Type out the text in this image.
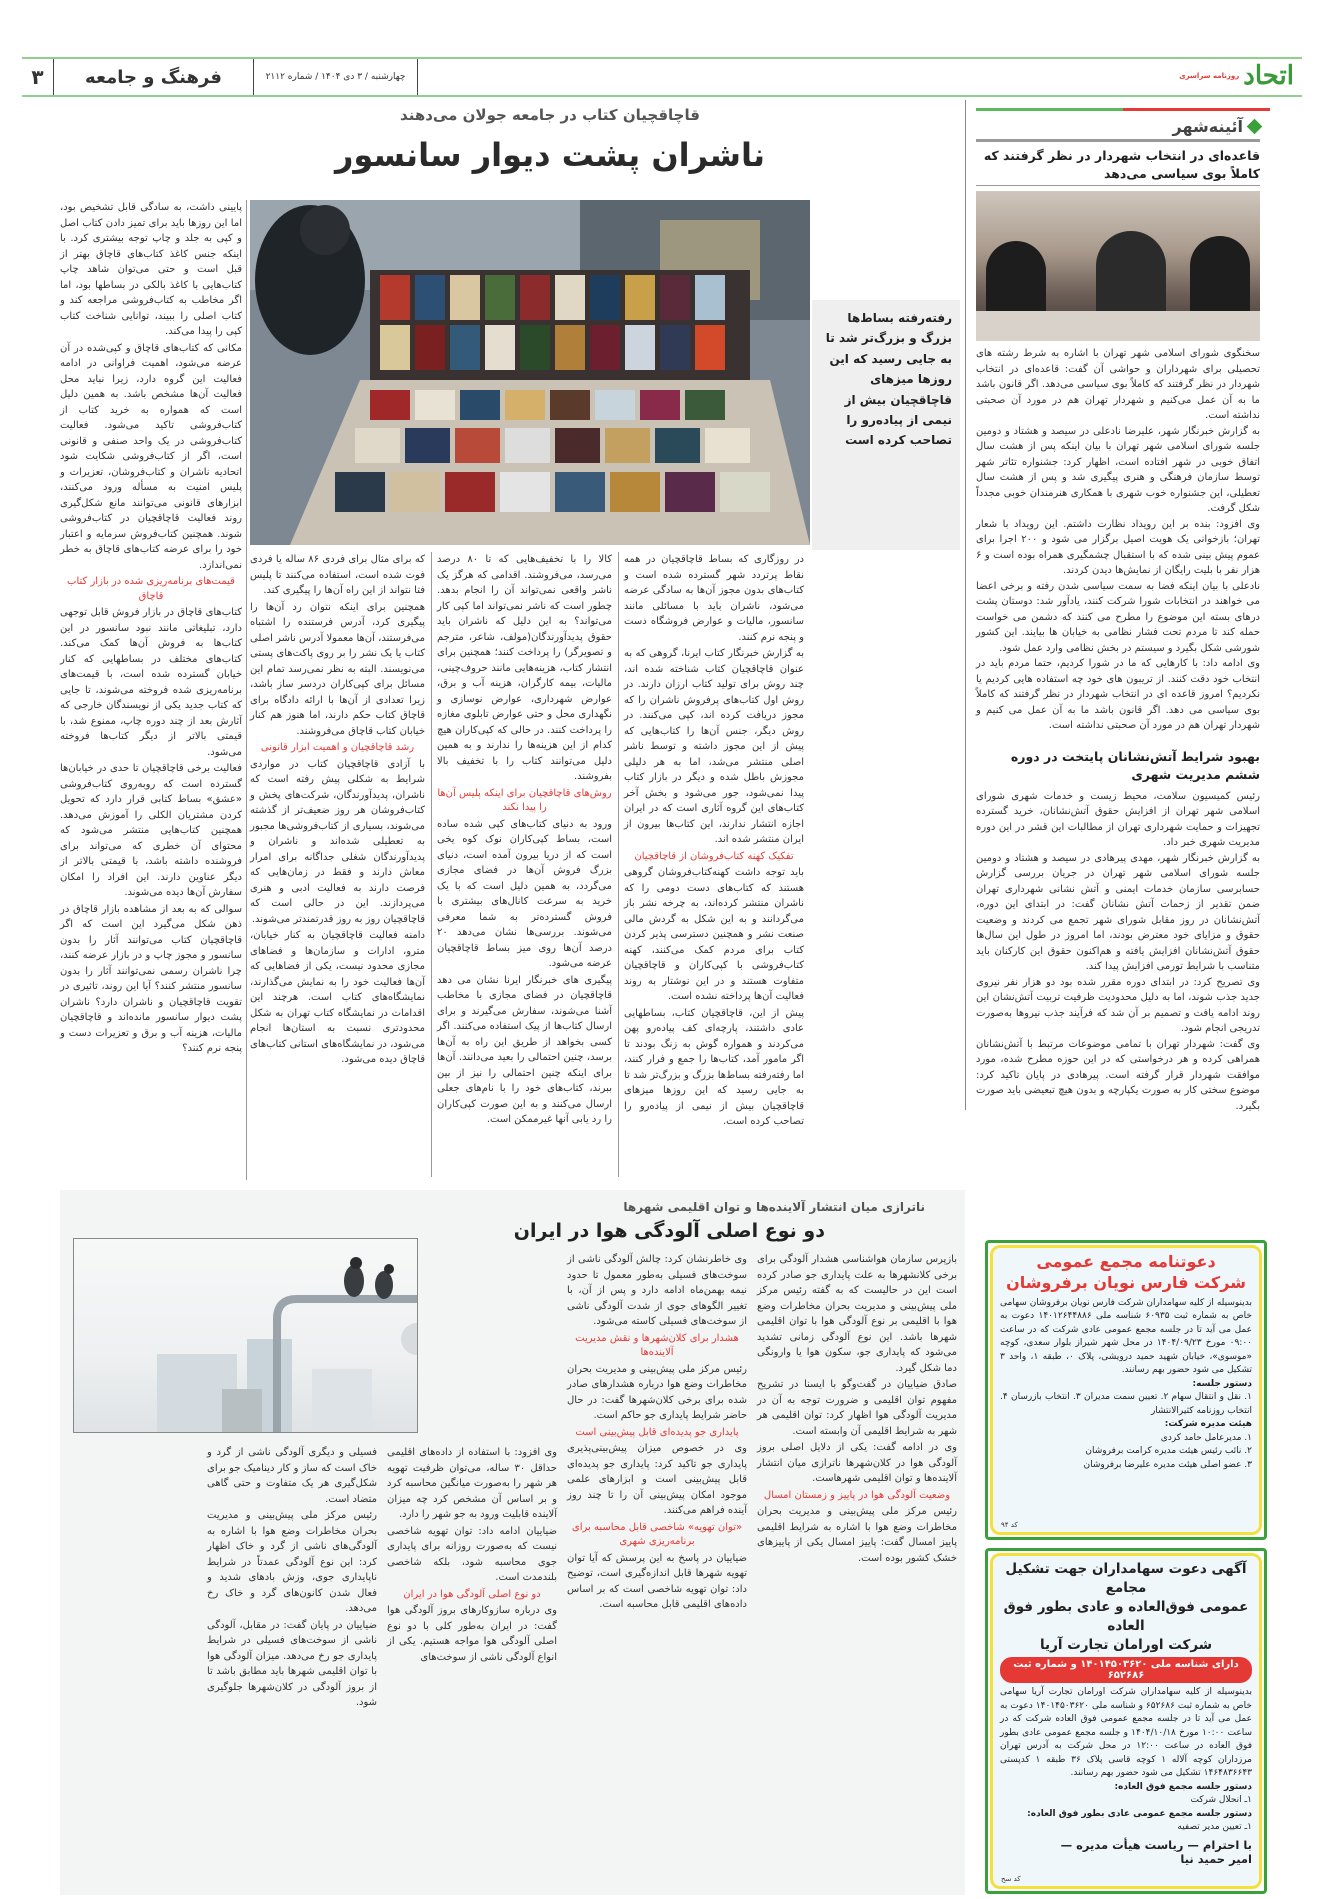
اتحاد
روزنامه سراسری
۳ فرهنگ و جامعه	چهارشنبه / ۳ دی ۱۴۰۴ / شماره ۲۱۱۲
قاچاقچیان کتاب در جامعه جولان می‌دهند
ناشران پشت دیوار سانسور
رفته‌رفته بساط‌ها بزرگ و بزرگ‌تر شد تا به جایی رسید که این روزها میزهای قاچاقچیان بیش از نیمی از پیاده‌رو را تصاحب کرده است

که برای مثال برای فردی ۸۶ ساله یا فردی فوت شده است، استفاده می‌کنند تا پلیس فتا نتواند از این راه آن‌ها را پیگیری کند.

همچنین برای اینکه نتوان رد آن‌ها را پیگیری کرد، آدرس فرستنده را اشتباه می‌فرستند، آن‌ها معمولا آدرس ناشر اصلی کتاب یا یک نشر را بر روی پاکت‌های پستی می‌نویسند. البته به نظر نمی‌رسد تمام این مسائل برای کپی‌کاران دردسر ساز باشد، زیرا تعدادی از آن‌ها با ارائه دادگاه برای قاچاق کتاب حکم دارند، اما هنوز هم کنار خیابان کتاب قاچاق می‌فروشند.

رشد قاچاقچیان و اهمیت ابزار قانونی

با آزادی قاچاقچیان کتاب در مواردی شرایط به شکلی پیش رفته است که ناشران، پدیدآورندگان، شرکت‌های پخش و کتاب‌فروشان هر روز ضعیف‌تر از گذشته می‌شوند، بسیاری از کتاب‌فروشی‌ها مجبور به تعطیلی شده‌اند و ناشران و پدیدآورندگان شغلی جداگانه برای امرار معاش دارند و فقط در زمان‌هایی که فرصت دارند به فعالیت ادبی و هنری می‌پردازند. این در حالی است که قاچاقچیان روز به روز قدرتمندتر می‌شوند.

دامنه فعالیت قاچاقچیان به کنار خیابان، مترو، ادارات و سازمان‌ها و فضاهای مجازی محدود نیست، یکی از فضاهایی که آن‌ها فعالیت خود را به نمایش می‌گذارند، نمایشگاه‌های کتاب است. هرچند این اقدامات در نمایشگاه کتاب تهران به شکل محدودتری نسبت به استان‌ها انجام می‌شود، در نمایشگاه‌های استانی کتاب‌های قاچاق دیده می‌شود.

کالا را با تخفیف‌هایی که تا ۸۰ درصد می‌رسد، می‌فروشند. اقدامی که هرگز یک ناشر واقعی نمی‌تواند آن را انجام بدهد. چطور است که ناشر نمی‌تواند اما کپی کار می‌تواند؟ به این دلیل که ناشران باید حقوق پدیدآورندگان(مولف، شاعر، مترجم و تصویرگر) را پرداخت کنند؛ همچنین برای انتشار کتاب، هزینه‌هایی مانند حروف‌چینی، مالیات، بیمه کارگران، هزینه آب و برق، عوارض شهرداری، عوارض نوسازی و نگهداری محل و حتی عوارض تابلوی مغازه را پرداخت کنند. در حالی که کپی‌کاران هیچ کدام از این هزینه‌ها را ندارند و به همین دلیل می‌توانند کتاب را با تخفیف بالا بفروشند.

روش‌های قاچاقچیان برای اینکه پلیس آن‌ها را پیدا نکند

ورود به دنیای کتاب‌های کپی شده ساده است، بساط کپی‌کاران نوک کوه یخی است که از دریا بیرون آمده است، دنیای بزرگ فروش آن‌ها در فضای مجازی می‌گردد، به همین دلیل است که با یک خرید به سرعت کانال‌های بیشتری با فروش گسترده‌تر به شما معرفی می‌شوند. بررسی‌ها نشان می‌دهد ۲۰ درصد آن‌ها روی میز بساط قاچاقچیان عرضه می‌شود.

پیگیری های خبرنگار ایرنا نشان می دهد قاچاقچیان در فضای مجازی با مخاطب آشنا می‌شوند، سفارش می‌گیرند و برای ارسال کتاب‌ها از پیک استفاده می‌کنند. اگر کسی بخواهد از طریق این راه به آن‌ها برسد، چنین احتمالی را بعید می‌دانند. آن‌ها برای اینکه چنین احتمالی را نیز از بین ببرند، کتاب‌های خود را با نام‌های جعلی ارسال می‌کنند و به این صورت کپی‌کاران را رد یابی آنها غیرممکن است.

در روزگاری که بساط قاچاقچیان در همه نقاط پرتردد شهر گسترده شده است و کتاب‌های بدون مجوز آن‌ها به سادگی عرضه می‌شود، ناشران باید با مسائلی مانند سانسور، مالیات و عوارض فروشگاه دست و پنجه نرم کنند.

به گزارش خبرنگار کتاب ایرنا، گروهی که به عنوان قاچاقچیان کتاب شناخته شده اند، چند روش برای تولید کتاب ارزان دارند. در روش اول کتاب‌های پرفروش ناشران را که مجوز دریافت کرده اند، کپی می‌کنند. در روش دیگر، جنس آن‌ها را کتاب‌هایی که پیش از این مجوز داشته و توسط ناشر اصلی منتشر می‌شد، اما به هر دلیلی مجوزش باطل شده و دیگر در بازار کتاب پیدا نمی‌شود، جور می‌شود و بخش آخر کتاب‌های این گروه آثاری است که در ایران اجازه انتشار ندارند، این کتاب‌ها بیرون از ایران منتشر شده اند.

تفکیک کهنه کتاب‌فروشان از قاچاقچیان

باید توجه داشت کهنه‌کتاب‌فروشان گروهی هستند که کتاب‌های دست دومی را که ناشران منتشر کرده‌اند، به چرخه نشر باز می‌گردانند و به این شکل به گردش مالی صنعت نشر و همچنین دسترسی پذیر کردن کتاب برای مردم کمک می‌کنند، کهنه کتاب‌فروشی با کپی‌کاران و قاچاقچیان متفاوت هستند و در این نوشتار به روند فعالیت آن‌ها پرداخته نشده است.

پیش از این، قاچاقچیان کتاب، بساطهایی عادی داشتند، پارچه‌ای کف پیاده‌رو پهن می‌کردند و همواره گوش به زنگ بودند تا اگر مامور آمد، کتاب‌ها را جمع و فرار کنند، اما رفته‌رفته بساط‌ها بزرگ و بزرگ‌تر شد تا به جایی رسید که این روزها میزهای قاچاقچیان بیش از نیمی از پیاده‌رو را تصاحب کرده است.

پایینی داشت، به سادگی قابل تشخیص بود، اما این روزها باید برای تمیز دادن کتاب اصل و کپی به جلد و چاپ توجه بیشتری کرد. با اینکه جنس کاغذ کتاب‌های قاچاق بهتر از قبل است و حتی می‌توان شاهد چاپ کتاب‌هایی با کاغذ بالکی در بساطها بود، اما اگر مخاطب به کتاب‌فروشی مراجعه کند و کتاب اصلی را ببیند، توانایی شناخت کتاب کپی را پیدا می‌کند.

مکانی که کتاب‌های قاچاق و کپی‌شده در آن عرضه می‌شود، اهمیت فراوانی در ادامه فعالیت این گروه دارد، زیرا نباید محل فعالیت آن‌ها مشخص باشد. به همین دلیل است که همواره به خرید کتاب از کتاب‌فروشی تاکید می‌شود. فعالیت کتاب‌فروشی در یک واحد صنفی و قانونی است، اگر از کتاب‌فروشی شکایت شود اتحادیه ناشران و کتاب‌فروشان، تعزیرات و پلیس امنیت به مسأله ورود می‌کنند، ابزارهای قانونی می‌توانند مانع شکل‌گیری روند فعالیت قاچاقچیان در کتاب‌فروشی شوند. همچنین کتاب‌فروش سرمایه و اعتبار خود را برای عرضه کتاب‌های قاچاق به خطر نمی‌اندازد.

قیمت‌های برنامه‌ریزی شده در بازار کتاب قاچاق

کتاب‌های قاچاق در بازار فروش قابل توجهی دارد، تبلیغاتی مانند نبود سانسور در این کتاب‌ها به فروش آن‌ها کمک می‌کند. کتاب‌های مختلف در بساطهایی که کنار خیابان گسترده شده است، با قیمت‌های برنامه‌ریزی شده فروخته می‌شوند، تا جایی که کتاب جدید یکی از نویسندگان خارجی که آثارش بعد از چند دوره چاپ، ممنوع شد، با قیمتی بالاتر از دیگر کتاب‌ها فروخته می‌شود.

فعالیت برخی قاچاقچیان تا حدی در خیابان‌ها گسترده است که رو‌به‌روی کتاب‌فروشی «عشق» بساط کتابی قرار دارد که تحویل کردن مشتریان الکلی را آموزش می‌دهد. همچنین کتاب‌هایی منتشر می‌شود که محتوای آن خطری که می‌تواند برای فروشنده داشته باشد، با قیمتی بالاتر از دیگر عناوین دارند. این افراد را امکان سفارش آن‌ها دیده می‌شوند.

سوالی که به بعد از مشاهده بازار قاچاق در ذهن شکل می‌گیرد این است که اگر قاچاقچیان کتاب می‌توانند آثار را بدون سانسور و مجوز چاپ و در بازار عرضه کنند، چرا ناشران رسمی نمی‌توانند آثار را بدون سانسور منتشر کنند؟ آیا این روند، تاثیری در تقویت قاچاقچیان و ناشران دارد؟ ناشران پشت دیوار سانسور مانده‌اند و قاچاقچیان مالیات، هزینه آب و برق و تعزیرات دست و پنجه نرم کنند؟

آئینه‌شهر
قاعده‌ای در انتخاب شهردار در نظر گرفتند که کاملاً بوی سیاسی می‌دهد

سخنگوی شورای اسلامی شهر تهران با اشاره به شرط رشته های تحصیلی برای شهرداران و حواشی آن گفت: قاعده‌ای در انتخاب شهردار در نظر گرفتند که کاملاً بوی سیاسی می‌دهد. اگر قانون باشد ما به آن عمل می‌کنیم و شهردار تهران هم در مورد آن صحبتی نداشته است.

به گزارش خبرنگار شهر، علیرضا نادعلی در سیصد و هشتاد و دومین جلسه شورای اسلامی شهر تهران با بیان اینکه پس از هشت سال اتفاق خوبی در شهر افتاده است، اظهار کرد: جشنواره تئاتر شهر توسط سازمان فرهنگی و هنری پیگیری شد و پس از هشت سال تعطیلی، این جشنواره خوب شهری با همکاری هنرمندان خوبی مجدداً شکل گرفت.

وی افزود: بنده بر این رویداد نظارت داشتم. این رویداد با شعار تهران؛ بازخوانی یک هویت اصیل برگزار می شود و ۲۰۰ اجرا برای عموم پیش بینی شده که با استقبال چشمگیری همراه بوده است و ۶ هزار نفر با بلیت رایگان از نمایش‌ها دیدن کردند.

نادعلی با بیان اینکه فضا به سمت سیاسی شدن رفته و برخی اعضا می خواهند در انتخابات شورا شرکت کنند، یادآور شد: دوستان پشت درهای بسته این موضوع را مطرح می کنند که دشمن می خواست حمله کند تا مردم تحت فشار نظامی به خیابان ها بیایند. این کشور شورشی شکل بگیرد و سیستم در بخش نظامی وارد عمل شود.

وی ادامه داد: با کارهایی که ما در شورا کردیم، حتما مردم باید در انتخاب خود دقت کنند. از تریبون های خود چه استفاده هایی کردیم یا نکردیم؟ امروز قاعده ای در انتخاب شهردار در نظر گرفتند که کاملاً بوی سیاسی می دهد. اگر قانون باشد ما به آن عمل می کنیم و شهردار تهران هم در مورد آن صحبتی نداشته است.

بهبود شرایط آتش‌نشانان پایتخت در دوره ششم مدیریت شهری

رئیس کمیسیون سلامت، محیط زیست و خدمات شهری شورای اسلامی شهر تهران از افزایش حقوق آتش‌نشانان، خرید گسترده تجهیزات و حمایت شهرداری تهران از مطالبات این قشر در این دوره مدیریت شهری خبر داد.

به گزارش خبرنگار شهر، مهدی پیرهادی در سیصد و هشتاد و دومین جلسه شورای اسلامی شهر تهران در جریان بررسی گزارش حسابرسی سازمان خدمات ایمنی و آتش نشانی شهرداری تهران ضمن تقدیر از زحمات آتش نشانان گفت: در ابتدای این دوره، آتش‌نشانان در روز مقابل شورای شهر تجمع می کردند و وضعیت حقوق و مزایای خود معترض بودند، اما امروز در طول این سال‌ها حقوق آتش‌نشانان افزایش یافته و هم‌اکنون حقوق این کارکنان باید متناسب با شرایط تورمی افزایش پیدا کند.

وی تصریح کرد: در ابتدای دوره مقرر شده بود دو هزار نفر نیروی جدید جذب شوند، اما به دلیل محدودیت ظرفیت تربیت آتش‌نشان این روند ادامه یافت و تصمیم بر آن شد که فرآیند جذب نیروها به‌صورت تدریجی انجام شود.

وی گفت: شهردار تهران با تمامی موضوعات مرتبط با آتش‌نشانان همراهی کرده و هر درخواستی که در این حوزه مطرح شده، مورد موافقت شهردار قرار گرفته است. پیرهادی در پایان تاکید کرد: موضوع سختی کار به صورت یکپارچه و بدون هیچ تبعیضی باید صورت بگیرد.

ناترازی میان انتشار آلاینده‌ها و توان اقلیمی شهرها
دو نوع اصلی آلودگی هوا در ایران

بازپرس سازمان هواشناسی هشدار آلودگی برای برخی کلانشهرها به علت پایداری جو صادر کرده است این در حالیست که به گفته رئیس مرکز ملی پیش‌بینی و مدیریت بحران مخاطرات وضع هوا با اقلیمی بر نوع آلودگی هوا با توان اقلیمی شهرها باشد. این نوع آلودگی زمانی تشدید می‌شود که پایداری جو، سکون هوا یا وارونگی دما شکل گیرد.

صادق ضیاییان در گفت‌وگو با ایسنا در تشریح مفهوم توان اقلیمی و ضرورت توجه به آن در مدیریت آلودگی هوا اظهار کرد: توان اقلیمی هر شهر به شرایط اقلیمی آن وابسته است.

وی در ادامه گفت: یکی از دلایل اصلی بروز آلودگی هوا در کلان‌شهرها ناترازی میان انتشار آلاینده‌ها و توان اقلیمی شهرهاست.

وضعیت آلودگی هوا در پاییز و زمستان امسال

رئیس مرکز ملی پیش‌بینی و مدیریت بحران مخاطرات وضع هوا با اشاره به شرایط اقلیمی پاییز امسال گفت: پاییز امسال یکی از پاییزهای خشک کشور بوده است.

وی خاطرنشان کرد: چالش آلودگی ناشی از سوخت‌های فسیلی به‌طور معمول تا حدود نیمه بهمن‌ماه ادامه دارد و پس از آن، با تغییر الگوهای جوی از شدت آلودگی ناشی از سوخت‌های فسیلی کاسته می‌شود.

هشدار برای کلان‌شهرها و نقش مدیریت آلاینده‌ها

رئیس مرکز ملی پیش‌بینی و مدیریت بحران مخاطرات وضع هوا درباره هشدارهای صادر شده برای برخی کلان‌شهرها گفت: در حال حاضر شرایط پایداری جو حاکم است.

پایداری جو پدیده‌ای قابل پیش‌بینی است

وی در خصوص میزان پیش‌بینی‌پذیری پایداری جو تاکید کرد: پایداری جو پدیده‌ای قابل پیش‌بینی است و ابزارهای علمی موجود امکان پیش‌بینی آن را تا چند روز آینده فراهم می‌کنند.

«توان تهویه» شاخصی قابل محاسبه برای برنامه‌ریزی شهری

ضیاییان در پاسخ به این پرسش که آیا توان تهویه شهرها قابل اندازه‌گیری است، توضیح داد: توان تهویه شاخصی است که بر اساس داده‌های اقلیمی قابل محاسبه است.

وی افزود: با استفاده از داده‌های اقلیمی حداقل ۳۰ ساله، می‌توان ظرفیت تهویه هر شهر را به‌صورت میانگین محاسبه کرد و بر اساس آن مشخص کرد چه میزان آلاینده قابلیت ورود به جو شهر را دارد.

ضیاییان ادامه داد: توان تهویه شاخصی نیست که به‌صورت روزانه برای پایداری جوی محاسبه شود، بلکه شاخصی بلندمدت است.

دو نوع اصلی آلودگی هوا در ایران

وی درباره سازوکارهای بروز آلودگی هوا گفت: در ایران به‌طور کلی با دو نوع اصلی آلودگی هوا مواجه هستیم. یکی از انواع آلودگی ناشی از سوخت‌های

فسیلی و دیگری آلودگی ناشی از گرد و خاک است که ساز و کار دینامیک جو برای شکل‌گیری هر یک متفاوت و حتی گاهی متضاد است.

رئیس مرکز ملی پیش‌بینی و مدیریت بحران مخاطرات وضع هوا با اشاره به آلودگی‌های ناشی از گرد و خاک اظهار کرد: این نوع آلودگی عمدتاً در شرایط ناپایداری جوی، وزش بادهای شدید و فعال شدن کانون‌های گرد و خاک رخ می‌دهد.

ضیاییان در پایان گفت: در مقابل، آلودگی ناشی از سوخت‌های فسیلی در شرایط پایداری جو رخ می‌دهد. میزان آلودگی هوا با توان اقلیمی شهرها باید مطابق باشد تا از بروز آلودگی در کلان‌شهرها جلوگیری شود.

دعوتنامه مجمع عمومی
شرکت فارس نویان برفروشان
بدینوسیله از کلیه سهامداران شرکت فارس نویان برفروشان سهامی خاص به شماره ثبت ۶۰۹۳۵ شناسه ملی ۱۴۰۱۲۶۴۴۸۸۶ دعوت به عمل می آید تا در جلسه مجمع عمومی عادی شرکت که در ساعت ۰۹:۰۰ مورخ ۱۴۰۴/۰۹/۲۳ در محل شهر شیراز بلوار سعدی، کوچه «موسوی»، خیابان شهید حمید درویشی، پلاک ۰، طبقه ۱، واحد ۳ تشکیل می شود حضور بهم رسانند.
دستور جلسه:
۱. نقل و انتقال سهام ۲. تعیین سمت مدیران ۳. انتخاب بازرسان ۴. انتخاب روزنامه کثیرالانتشار
هیئت مدیره شرکت:
۱. مدیرعامل حامد کردی
۲. نائب رئیس هیئت مدیره کرامت برفروشان
۳. عضو اصلی هیئت مدیره علیرضا برفروشان
کد ۹۴
آگهی دعوت سهامداران جهت تشکیل مجامع
عمومی فوق‌العاده و عادی بطور فوق العاده
شرکت اورامان تجارت آریا
دارای شناسه ملی ۱۴۰۱۴۵۰۳۶۲۰ و شماره ثبت ۶۵۲۶۸۶
بدینوسیله از کلیه سهامداران شرکت اورامان تجارت آریا سهامی خاص به شماره ثبت ۶۵۲۶۸۶ و شناسه ملی ۱۴۰۱۴۵۰۳۶۲۰ دعوت به عمل می آید تا در جلسه مجمع عمومی فوق العاده شرکت که در ساعت ۱۰:۰۰ مورخ ۱۴۰۴/۱۰/۱۸ و جلسه مجمع عمومی عادی بطور فوق العاده در ساعت ۱۲:۰۰ در محل شرکت به آدرس تهران مرزداران کوچه آلاله ۱ کوچه قاسی پلاک ۳۶ طبقه ۱ کدپستی ۱۴۶۴۸۳۶۶۴۳ تشکیل می شود حضور بهم رسانند.
دستور جلسه مجمع فوق العاده:
۱ـ انحلال شرکت
دستور جلسه مجمع عمومی عادی بطور فوق العاده:
۱ـ تعیین مدیر تصفیه
با احترام — ریاست هیأت مدیره — امیر حمید نیا
کد سح
